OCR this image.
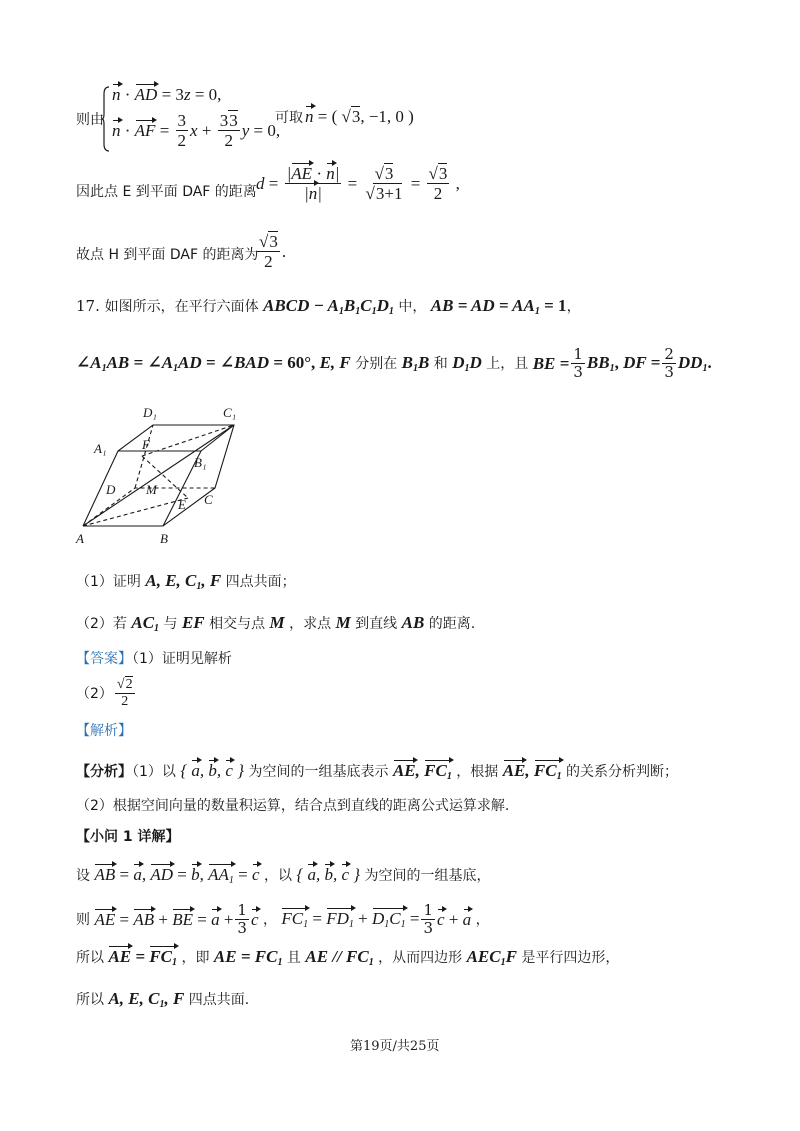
则由
n · AD = 3z = 0,
n · AF = $\frac{3}{2}$ $x + \frac{33}{2}$ y = 0,
可取 n = ( √3, −1, 0 )
因此点 E 到平面 DAF 的距离 $d = \frac{|AE \cdot n|}{|n|} = \frac{√3}{√3+1} = \frac{√3}{2}$ ,
故点 H 到平面 DAF 的距离为
$\frac{√3}{2}$ .
17. 如图所示，在平行六面体 ABCD − $A_1B_1C_1D_1$ 中， AB = AD = $AA_1 = 1$，
$\angle A_1AB$ = $\angle A_1AD$ = ∠BAD = 60°, E, F 分别在 $B_1B$ 和 $D_1D$ 上，且 BE = $\frac{1}{3} BB_1$, DF = $\frac{2}{3} DD_1$.
D₁	C₁
A₁	F
B₁
D M
C
E
A	B
（1）证明 A, E, $C_1$, F 四点共面；
（2）若 $AC_1$ 与 EF 相交与点 M ，求点 M 到直线 AB 的距离.
【答案】（1）证明见解析
$(2) \frac{√2}{2}$
【解析】
【分析】（1）以 { a, b, c } 为空间的一组基底表示 AE, $FC_1$ ，根据 AE, $FC_1$ 的关系分析判断；
（2）根据空间向量的数量积运算，结合点到直线的距离公式运算求解.
【小问 1 详解】
设 AB = a, AD = b, $AA_1 = c$ ，以 { a, b, c } 为空间的一组基底，
则 AE = AB + BE = $a + \frac{1}{3}$ c ， $FC_1 = FD_1 + D_1C_1 = \frac{1}{3}$ c + a ，
所以 AE = $FC_1$ ，即 AE = $FC_1$ 且 AE // $FC_1$ ，从而四边形 $AEC_1F$ 是平行四边形，
所以 A, E, $C_1$, F 四点共面.
第19页/共25页
